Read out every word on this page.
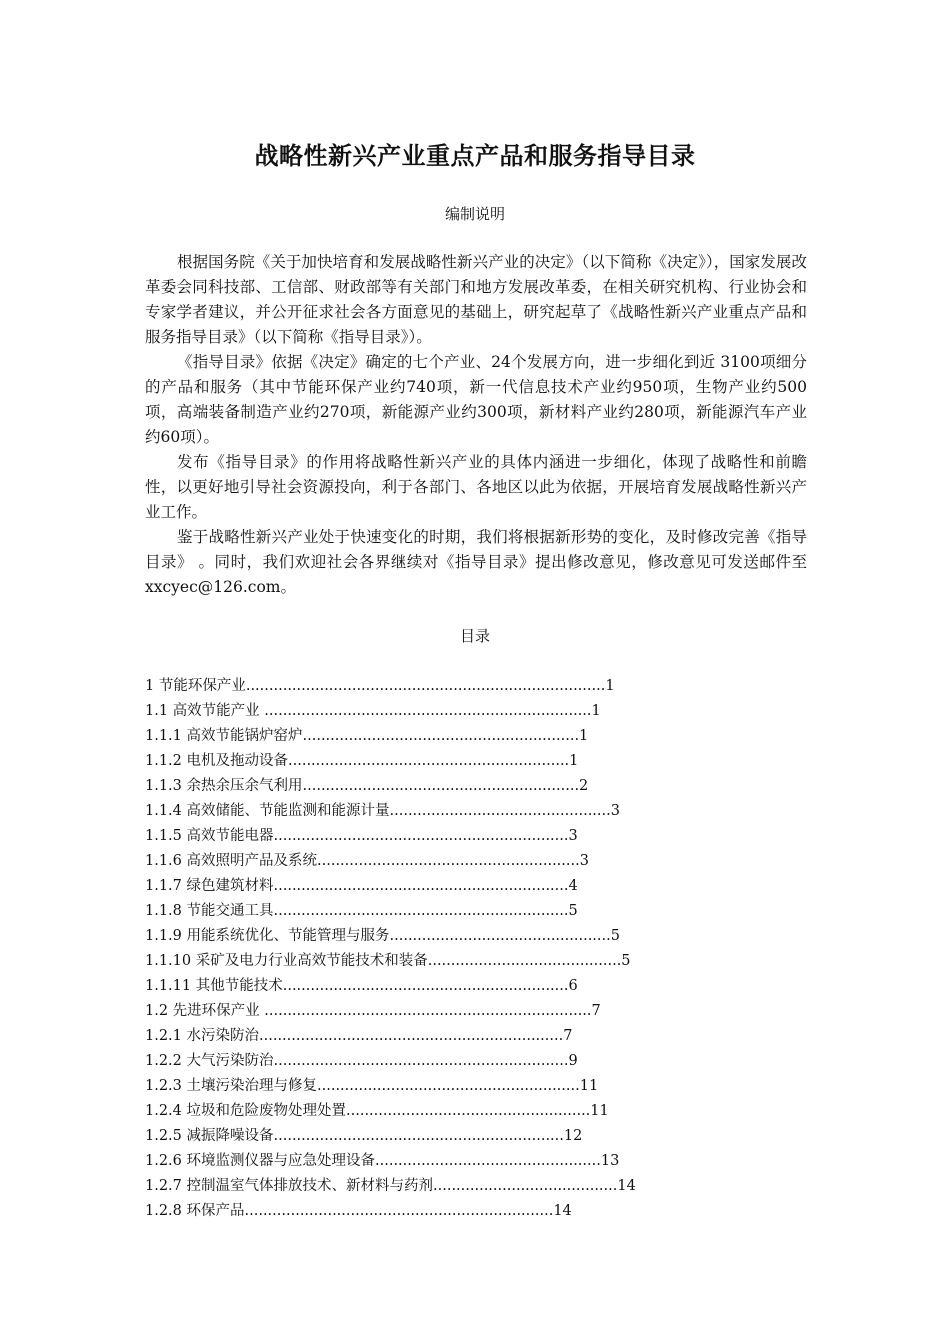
战略性新兴产业重点产品和服务指导目录
编制说明

根据国务院《关于加快培育和发展战略性新兴产业的决定》（以下简称《决定》），国家发展改革委会同科技部、工信部、财政部等有关部门和地方发展改革委，在相关研究机构、行业协会和专家学者建议，并公开征求社会各方面意见的基础上，研究起草了《战略性新兴产业重点产品和服务指导目录》（以下简称《指导目录》）。

《指导目录》依据《决定》确定的七个产业、24个发展方向，进一步细化到近 3100项细分的产品和服务（其中节能环保产业约740项，新一代信息技术产业约950项，生物产业约500项，高端装备制造产业约270项，新能源产业约300项，新材料产业约280项，新能源汽车产业约60项）。

发布《指导目录》的作用将战略性新兴产业的具体内涵进一步细化，体现了战略性和前瞻性，以更好地引导社会资源投向，利于各部门、各地区以此为依据，开展培育发展战略性新兴产业工作。

鉴于战略性新兴产业处于快速变化的时期，我们将根据新形势的变化，及时修改完善《指导目录》 。同时，我们欢迎社会各界继续对《指导目录》提出修改意见，修改意见可发送邮件至xxcyec@126.com。

目录
1 节能环保产业..............................................................................1
1.1 高效节能产业 .......................................................................1
1.1.1 高效节能锅炉窑炉............................................................1
1.1.2 电机及拖动设备.............................................................1
1.1.3 余热余压余气利用............................................................2
1.1.4 高效储能、节能监测和能源计量................................................3
1.1.5 高效节能电器................................................................3
1.1.6 高效照明产品及系统.........................................................3
1.1.7 绿色建筑材料................................................................4
1.1.8 节能交通工具................................................................5
1.1.9 用能系统优化、节能管理与服务................................................5
1.1.10 采矿及电力行业高效节能技术和装备..........................................5
1.1.11 其他节能技术..............................................................6
1.2 先进环保产业 .......................................................................7
1.2.1 水污染防治..................................................................7
1.2.2 大气污染防治................................................................9
1.2.3 土壤污染治理与修复.........................................................11
1.2.4 垃圾和危险废物处理处置.....................................................11
1.2.5 减振降噪设备...............................................................12
1.2.6 环境监测仪器与应急处理设备.................................................13
1.2.7 控制温室气体排放技术、新材料与药剂........................................14
1.2.8 环保产品...................................................................14
